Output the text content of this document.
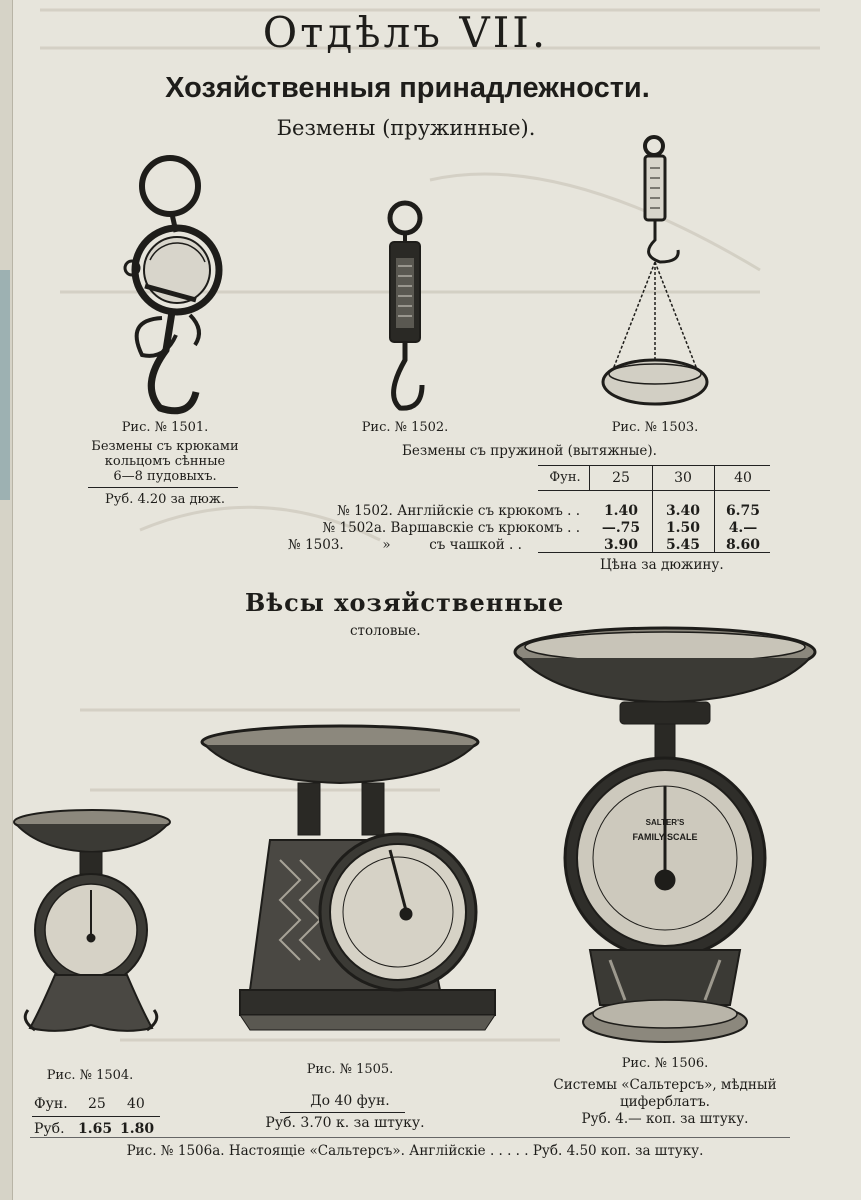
Отдѣлъ VII.
Хозяйственныя принадлежности.
Безмены (пружинные).
Рис. № 1501.
Безмены съ крюками
кольцомъ сѣнные
6—8 пудовыхъ.
Руб. 4.20 за дюж.
Рис. № 1502.	Рис. № 1503.
Безмены съ пружиной (вытяжные).
Фун.	25	30	40
№ 1502. Англійскіе съ крюкомъ . .	1.40	3.40	6.75
№ 1502а. Варшавскіе съ крюкомъ . .	—.75	1.50	4.—
№ 1503.         »         съ чашкой . .	3.90	5.45	8.60
Цѣна за дюжину.
Вѣсы хозяйственные
столовые.
SALTER'S
FAMILY SCALE
Рис. № 1504.
Фун. 25 40
Руб. 1.65 1.80
Рис. № 1505.
До 40 фун.
Руб. 3.70 к. за штуку.
Рис. № 1506.
Системы «Сальтерсъ», мѣдный
циферблатъ.
Руб. 4.— коп. за штуку.
Рис. № 1506а. Настоящіе «Сальтерсъ». Англійскіе . . . . . Руб. 4.50 коп. за штуку.
